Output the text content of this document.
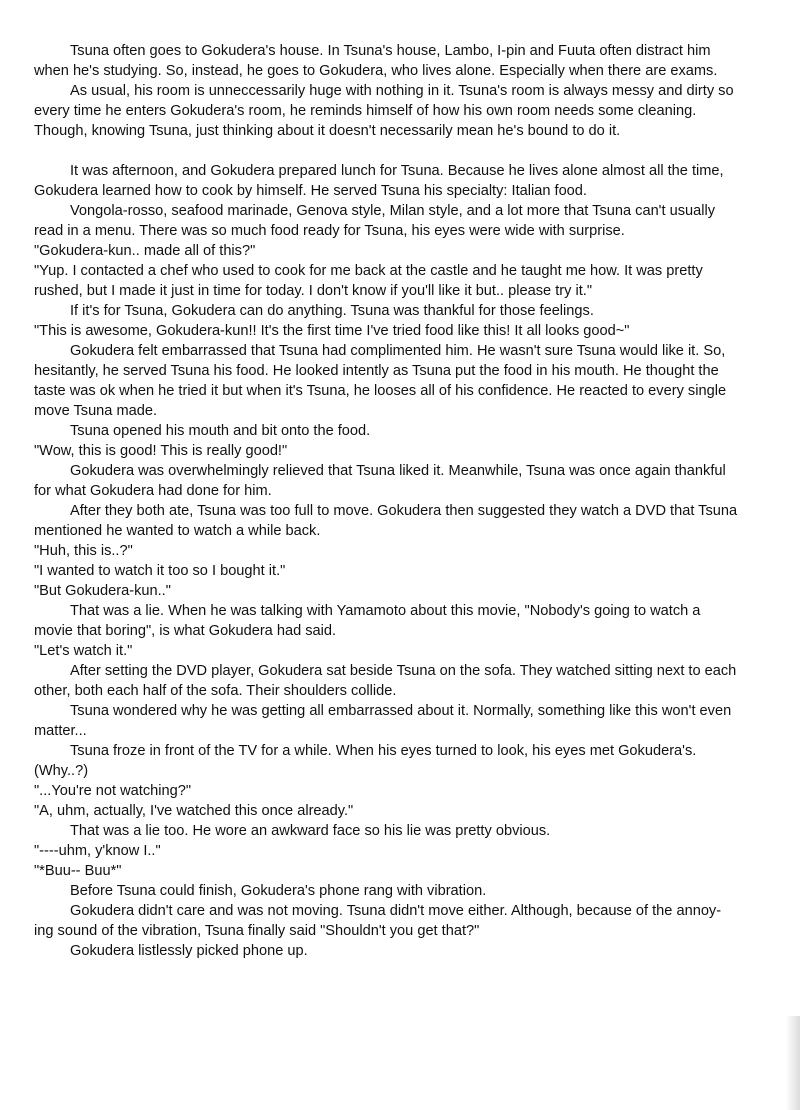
Tsuna often goes to Gokudera's house. In Tsuna's house, Lambo, I-pin and Fuuta often distract him
when he's studying. So, instead, he goes to Gokudera, who lives alone. Especially when there are exams.
As usual, his room is unneccessarily huge with nothing in it. Tsuna's room is always messy and dirty so
every time he enters Gokudera's room, he reminds himself of how his own room needs some cleaning.
Though, knowing Tsuna, just thinking about it doesn't necessarily mean he's bound to do it.
It was afternoon, and Gokudera prepared lunch for Tsuna. Because he lives alone almost all the time,
Gokudera learned how to cook by himself. He served Tsuna his specialty: Italian food.
Vongola-rosso, seafood marinade, Genova style, Milan style, and a lot more that Tsuna can't usually
read in a menu. There was so much food ready for Tsuna, his eyes were wide with surprise.
"Gokudera-kun.. made all of this?"
"Yup. I contacted a chef who used to cook for me back at the castle and he taught me how. It was pretty
rushed, but I made it just in time for today. I don't know if you'll like it but.. please try it."
If it's for Tsuna, Gokudera can do anything. Tsuna was thankful for those feelings.
"This is awesome, Gokudera-kun!! It's the first time I've tried food like this! It all looks good~"
Gokudera felt embarrassed that Tsuna had complimented him. He wasn't sure Tsuna would like it. So,
hesitantly, he served Tsuna his food. He looked intently as Tsuna put the food in his mouth. He thought the
taste was ok when he tried it but when it's Tsuna, he looses all of his confidence. He reacted to every single
move Tsuna made.
Tsuna opened his mouth and bit onto the food.
"Wow, this is good! This is really good!"
Gokudera was overwhelmingly relieved that Tsuna liked it. Meanwhile, Tsuna was once again thankful
for what Gokudera had done for him.
After they both ate, Tsuna was too full to move. Gokudera then suggested they watch a DVD that Tsuna
mentioned he wanted to watch a while back.
"Huh, this is..?"
"I wanted to watch it too so I bought it."
"But Gokudera-kun.."
That was a lie. When he was talking with Yamamoto about this movie, "Nobody's going to watch a
movie that boring", is what Gokudera had said.
"Let's watch it."
After setting the DVD player, Gokudera sat beside Tsuna on the sofa. They watched sitting next to each
other, both each half of the sofa. Their shoulders collide.
Tsuna wondered why he was getting all embarrassed about it. Normally, something like this won't even
matter...
Tsuna froze in front of the TV for a while. When his eyes turned to look, his eyes met Gokudera's.
(Why..?)
"...You're not watching?"
"A, uhm, actually, I've watched this once already."
That was a lie too. He wore an awkward face so his lie was pretty obvious.
"----uhm, y'know I.."
"*Buu-- Buu*"
Before Tsuna could finish, Gokudera's phone rang with vibration.
Gokudera didn't care and was not moving. Tsuna didn't move either. Although, because of the annoy-
ing sound of the vibration, Tsuna finally said "Shouldn't you get that?"
Gokudera listlessly picked phone up.
